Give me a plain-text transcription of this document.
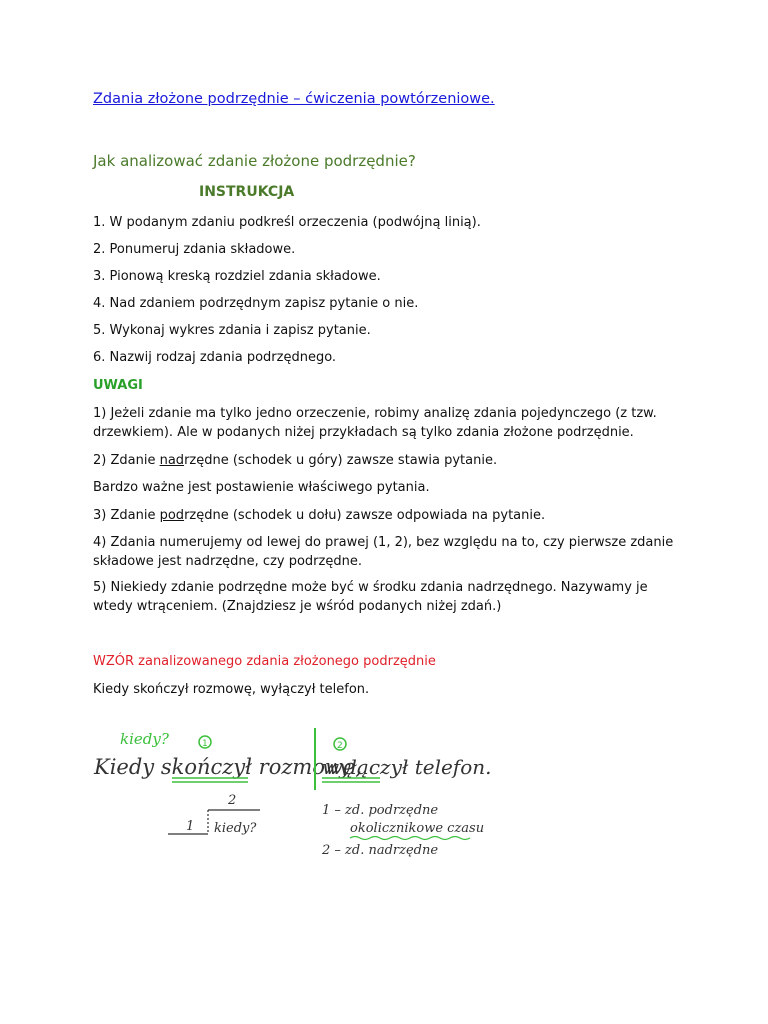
Zdania złożone podrzędnie – ćwiczenia powtórzeniowe.
Jak analizować zdanie złożone podrzędnie?
INSTRUKCJA
1. W podanym zdaniu podkreśl orzeczenia (podwójną linią).
2. Ponumeruj zdania składowe.
3. Pionową kreską rozdziel zdania składowe.
4. Nad zdaniem podrzędnym zapisz pytanie o nie.
5. Wykonaj wykres zdania i zapisz pytanie.
6. Nazwij rodzaj zdania podrzędnego.
UWAGI
1) Jeżeli zdanie ma tylko jedno orzeczenie, robimy analizę zdania pojedynczego (z tzw. drzewkiem). Ale w podanych niżej przykładach są tylko zdania złożone podrzędnie.
2) Zdanie nadrzędne (schodek u góry) zawsze stawia pytanie.
Bardzo ważne jest postawienie właściwego pytania.
3) Zdanie podrzędne (schodek u dołu) zawsze odpowiada na pytanie.
4) Zdania numerujemy od lewej do prawej (1, 2), bez względu na to, czy pierwsze zdanie składowe jest nadrzędne, czy podrzędne.
5) Niekiedy zdanie podrzędne może być w środku zdania nadrzędnego. Nazywamy je wtedy wtrąceniem. (Znajdziesz je wśród podanych niżej zdań.)
WZÓR zanalizowanego zdania złożonego podrzędnie
Kiedy skończył rozmowę, wyłączył telefon.
kiedy?	1
Kiedy skończył rozmowę,
2
wyłączył telefon.
2
1 kiedy?
1 – zd. podrzędne
okolicznikowe czasu
2 – zd. nadrzędne
